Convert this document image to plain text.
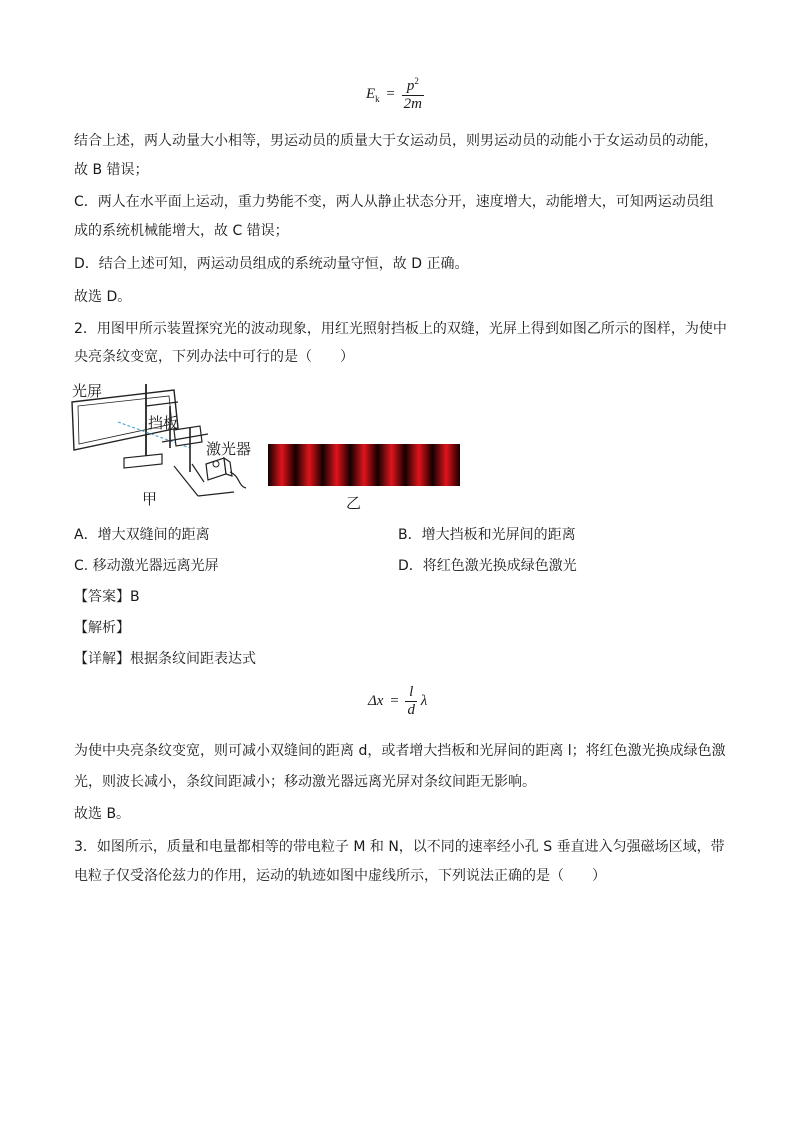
$E_k = \frac{p^2}{2m}$
结合上述，两人动量大小相等，男运动员的质量大于女运动员，则男运动员的动能小于女运动员的动能，
故 B 错误；
C．两人在水平面上运动，重力势能不变，两人从静止状态分开，速度增大，动能增大，可知两运动员组
成的系统机械能增大，故 C 错误；
D．结合上述可知，两运动员组成的系统动量守恒，故 D 正确。
故选 D。
2．用图甲所示装置探究光的波动现象，用红光照射挡板上的双缝，光屏上得到如图乙所示的图样，为使中
央亮条纹变宽，下列办法中可行的是（　　）
光屏
挡板
激光器
甲	乙
A．增大双缝间的距离	B．增大挡板和光屏间的距离
C. 移动激光器远离光屏	D．将红色激光换成绿色激光
【答案】B
【解析】
【详解】根据条纹间距表达式
$\Delta x = \frac{l}{d}$ λ
为使中央亮条纹变宽，则可减小双缝间的距离 d，或者增大挡板和光屏间的距离 l；将红色激光换成绿色激
光，则波长减小，条纹间距减小；移动激光器远离光屏对条纹间距无影响。
故选 B。
3．如图所示，质量和电量都相等的带电粒子 M 和 N，以不同的速率经小孔 S 垂直进入匀强磁场区域，带
电粒子仅受洛伦兹力的作用，运动的轨迹如图中虚线所示，下列说法正确的是（　　）
